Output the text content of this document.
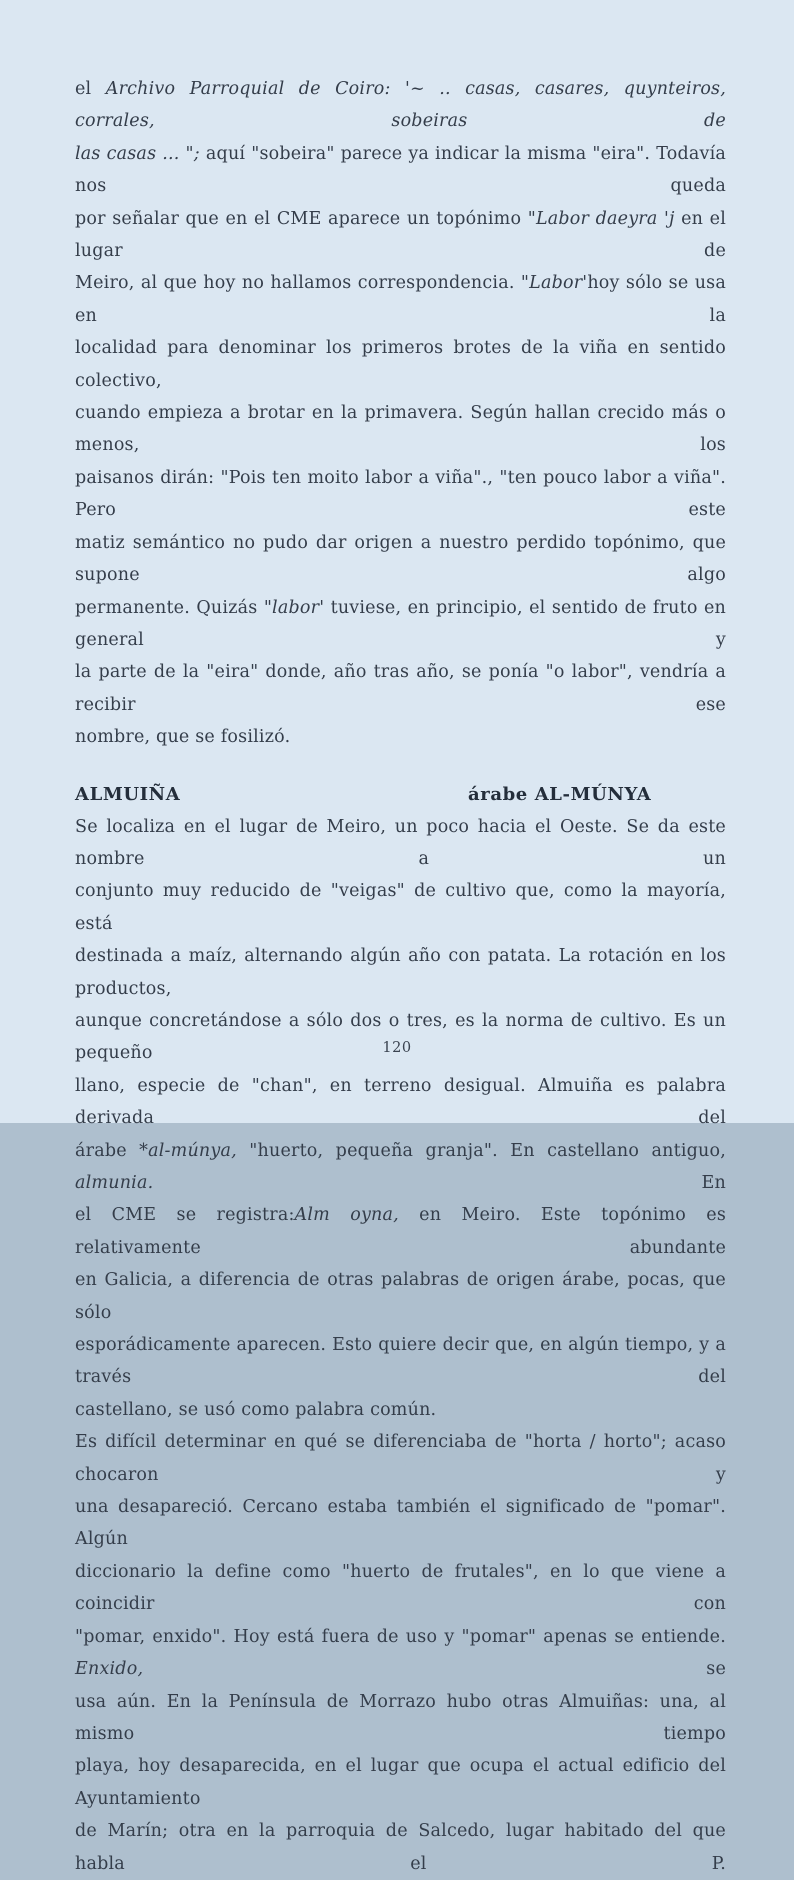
el Archivo Parroquial de Coiro: '~ .. casas, casares, quynteiros, corrales, sobeiras de
las casas ... "; aquí "sobeira" parece ya indicar la misma "eira". Todavía nos queda
por señalar que en el CME aparece un topónimo "Labor daeyra 'j en el lugar de
Meiro, al que hoy no hallamos correspondencia. "Labor'hoy sólo se usa en la
localidad para denominar los primeros brotes de la viña en sentido colectivo,
cuando empieza a brotar en la primavera. Según hallan crecido más o menos, los
paisanos dirán: "Pois ten moito labor a viña"., "ten pouco labor a viña". Pero este
matiz semántico no pudo dar origen a nuestro perdido topónimo, que supone algo
permanente. Quizás "labor' tuviese, en principio, el sentido de fruto en general y
la parte de la "eira" donde, año tras año, se ponía "o labor", vendría a recibir ese
nombre, que se fosilizó.
ALMUIÑA	árabe AL-MÚNYA
Se localiza en el lugar de Meiro, un poco hacia el Oeste. Se da este nombre a un
conjunto muy reducido de "veigas" de cultivo que, como la mayoría, está
destinada a maíz, alternando algún año con patata. La rotación en los productos,
aunque concretándose a sólo dos o tres, es la norma de cultivo. Es un pequeño
llano, especie de "chan", en terreno desigual. Almuiña es palabra derivada del
árabe *al-múnya, "huerto, pequeña granja". En castellano antiguo, almunia. En
el CME se registra:Alm oyna, en Meiro. Este topónimo es relativamente abundante
en Galicia, a diferencia de otras palabras de origen árabe, pocas, que sólo
esporádicamente aparecen. Esto quiere decir que, en algún tiempo, y a través del
castellano, se usó como palabra común.
Es difícil determinar en qué se diferenciaba de "horta / horto"; acaso chocaron y
una desapareció. Cercano estaba también el significado de "pomar". Algún
diccionario la define como "huerto de frutales", en lo que viene a coincidir con
"pomar, enxido". Hoy está fuera de uso y "pomar" apenas se entiende. Enxido, se
usa aún. En la Península de Morrazo hubo otras Almuiñas: una, al mismo tiempo
playa, hoy desaparecida, en el lugar que ocupa el actual edificio del Ayuntamiento
de Marín; otra en la parroquia de Salcedo, lugar habitado del que habla el P.
120
